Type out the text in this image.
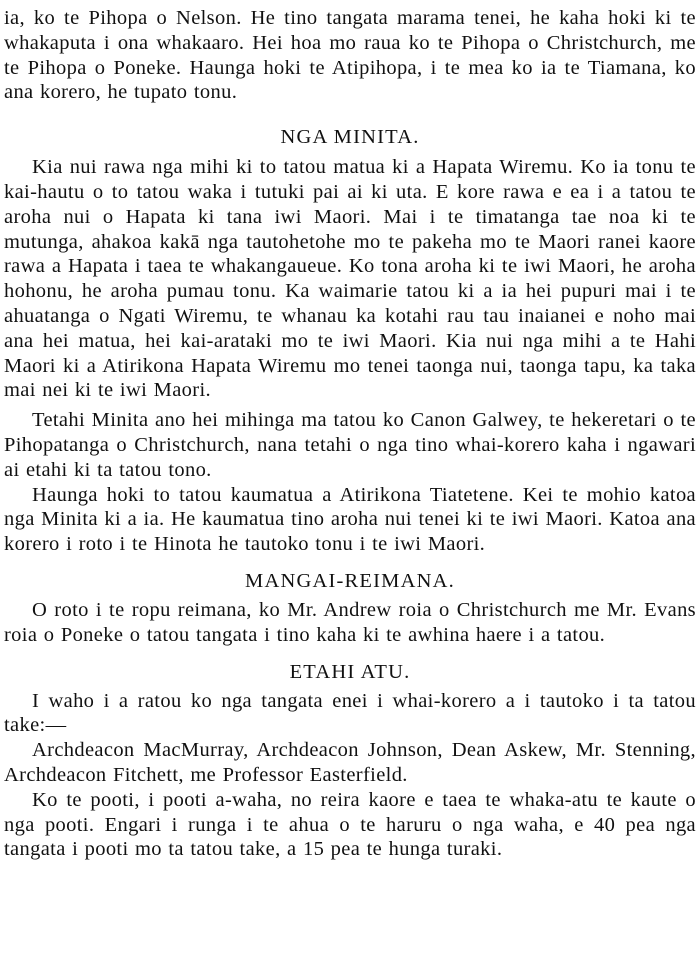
ia, ko te Pihopa o Nelson. He tino tangata marama tenei, he kaha hoki ki te whakaputa i ona whakaaro. Hei hoa mo raua ko te Pihopa o Christchurch, me te Pihopa o Poneke. Haunga hoki te Atipihopa, i te mea ko ia te Tiamana, ko ana korero, he tupato tonu.

NGA MINITA.

Kia nui rawa nga mihi ki to tatou matua ki a Hapata Wiremu. Ko ia tonu te kai-hautu o to tatou waka i tutuki pai ai ki uta. E kore rawa e ea i a tatou te aroha nui o Hapata ki tana iwi Maori. Mai i te timatanga tae noa ki te mutunga, ahakoa kakā nga tautohetohe mo te pakeha mo te Maori ranei kaore rawa a Hapata i taea te whakangaueue. Ko tona aroha ki te iwi Maori, he aroha hohonu, he aroha pumau tonu. Ka waimarie tatou ki a ia hei pupuri mai i te ahuatanga o Ngati Wiremu, te whanau ka kotahi rau tau inaianei e noho mai ana hei matua, hei kai-arataki mo te iwi Maori. Kia nui nga mihi a te Hahi Maori ki a Atirikona Hapata Wiremu mo tenei taonga nui, taonga tapu, ka taka mai nei ki te iwi Maori.

Tetahi Minita ano hei mihinga ma tatou ko Canon Galwey, te hekeretari o te Pihopatanga o Christchurch, nana tetahi o nga tino whai-korero kaha i ngawari ai etahi ki ta tatou tono.

Haunga hoki to tatou kaumatua a Atirikona Tiatetene. Kei te mohio katoa nga Minita ki a ia. He kaumatua tino aroha nui tenei ki te iwi Maori. Katoa ana korero i roto i te Hinota he tautoko tonu i te iwi Maori.

MANGAI-REIMANA.

O roto i te ropu reimana, ko Mr. Andrew roia o Christchurch me Mr. Evans roia o Poneke o tatou tangata i tino kaha ki te awhina haere i a tatou.

ETAHI ATU.

I waho i a ratou ko nga tangata enei i whai-korero a i tautoko i ta tatou take:—

Archdeacon MacMurray, Archdeacon Johnson, Dean Askew, Mr. Stenning, Archdeacon Fitchett, me Professor Easterfield.

Ko te pooti, i pooti a-waha, no reira kaore e taea te whaka-atu te kaute o nga pooti. Engari i runga i te ahua o te haruru o nga waha, e 40 pea nga tangata i pooti mo ta tatou take, a 15 pea te hunga turaki.
